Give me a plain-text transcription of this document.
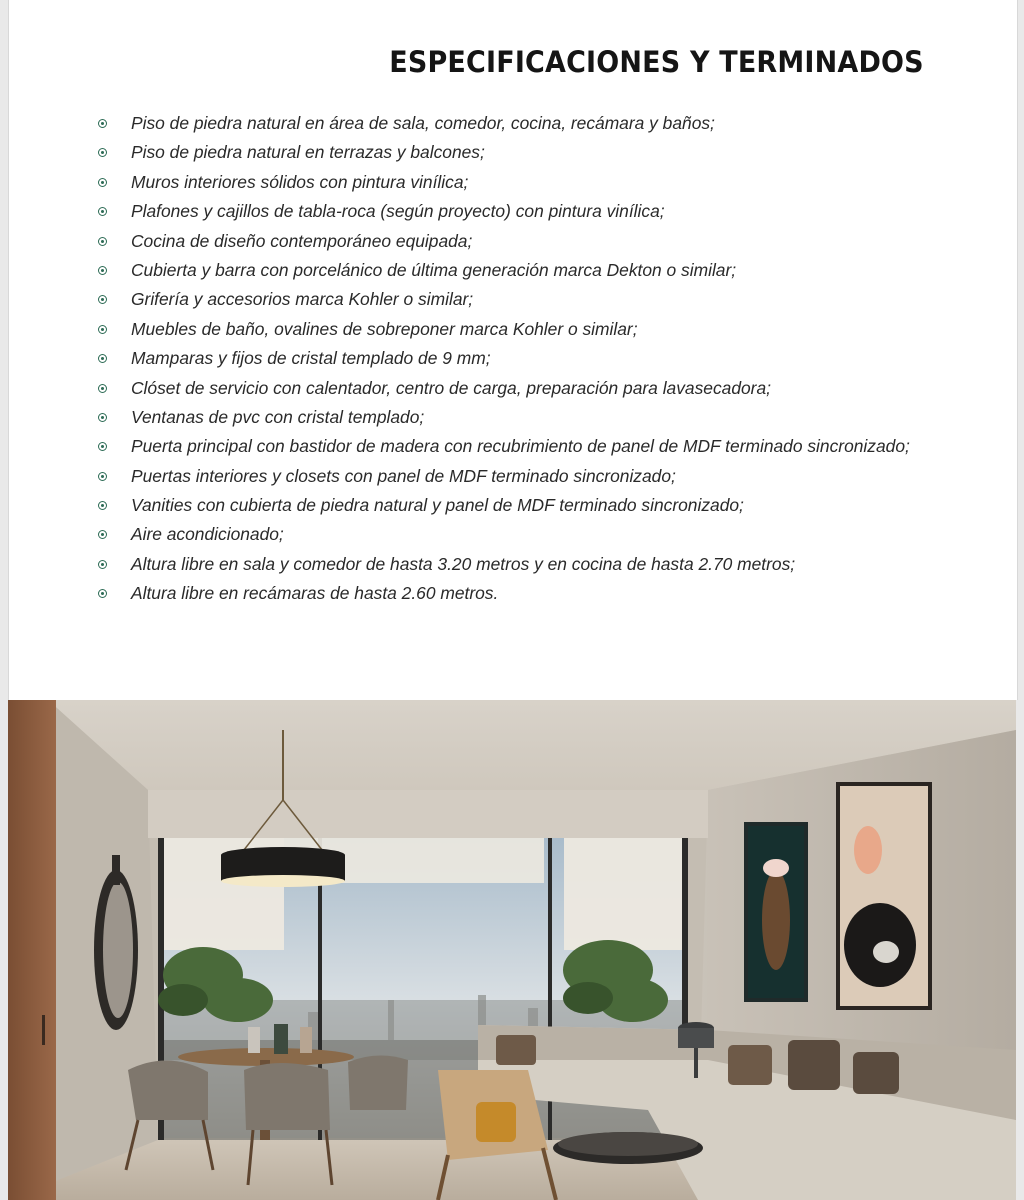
ESPECIFICACIONES Y TERMINADOS
Piso de piedra natural en área de sala, comedor, cocina, recámara y baños;
Piso de piedra natural en terrazas y balcones;
Muros interiores sólidos con pintura vinílica;
Plafones y cajillos de tabla-roca (según proyecto) con pintura vinílica;
Cocina de diseño contemporáneo equipada;
Cubierta y barra con porcelánico de última generación marca Dekton o similar;
Grifería y accesorios marca Kohler o similar;
Muebles de baño, ovalines de sobreponer marca Kohler o similar;
Mamparas y fijos de cristal templado de 9 mm;
Clóset de servicio con calentador, centro de carga, preparación para lavasecadora;
Ventanas de pvc con cristal templado;
Puerta principal con bastidor de madera con recubrimiento de panel de MDF terminado sincronizado;
Puertas interiores y closets con panel de MDF terminado sincronizado;
Vanities con cubierta de piedra natural y panel de MDF terminado sincronizado;
Aire acondicionado;
Altura libre en sala y comedor de hasta 3.20 metros y en cocina de hasta 2.70 metros;
Altura libre en recámaras de hasta 2.60 metros.
